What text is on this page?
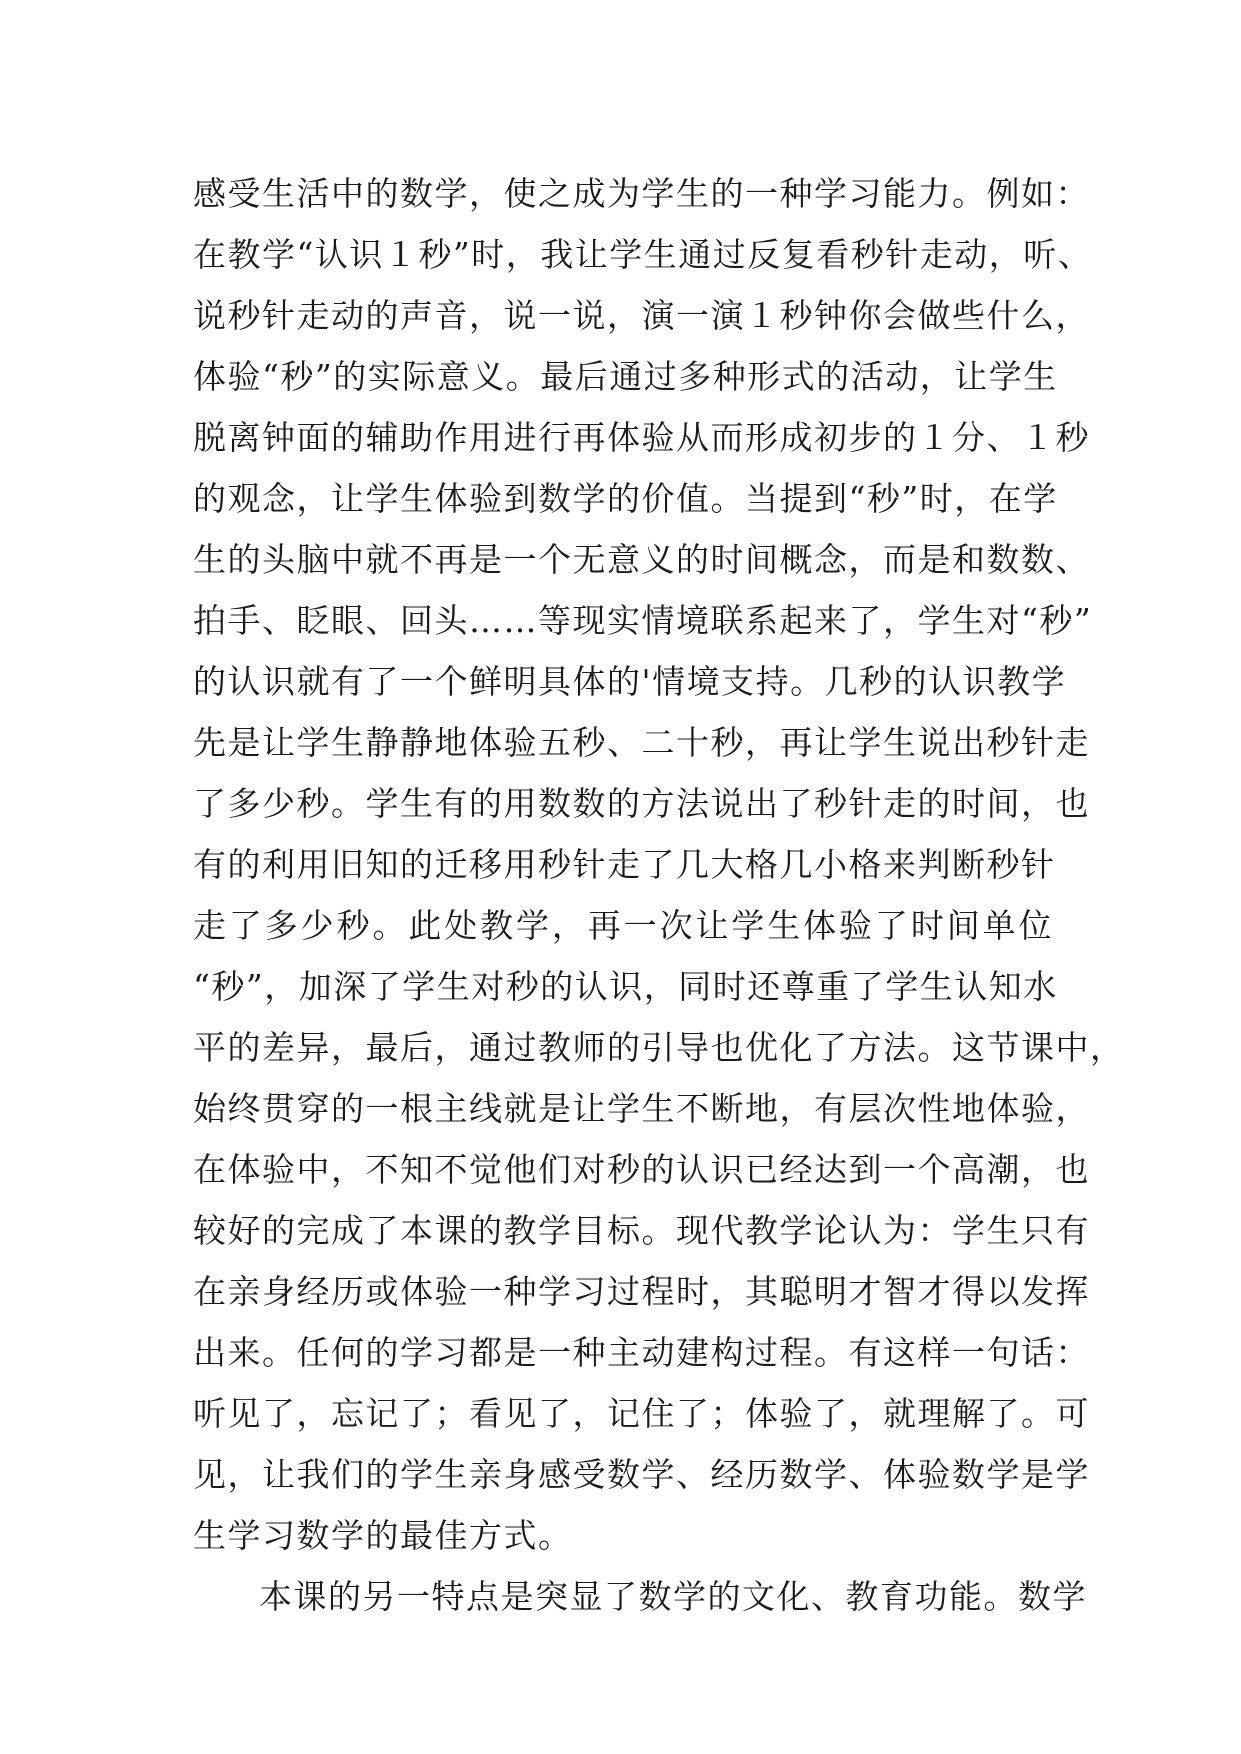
感受生活中的数学，使之成为学生的一种学习能力。例如：
在教学“认识１秒”时，我让学生通过反复看秒针走动，听、
说秒针走动的声音，说一说，演一演１秒钟你会做些什么，
体验“秒”的实际意义。最后通过多种形式的活动，让学生
脱离钟面的辅助作用进行再体验从而形成初步的１分、１秒
的观念，让学生体验到数学的价值。当提到“秒”时，在学
生的头脑中就不再是一个无意义的时间概念，而是和数数、
拍手、眨眼、回头……等现实情境联系起来了，学生对“秒”
的认识就有了一个鲜明具体的'情境支持。几秒的认识教学
先是让学生静静地体验五秒、二十秒，再让学生说出秒针走
了多少秒。学生有的用数数的方法说出了秒针走的时间，也
有的利用旧知的迁移用秒针走了几大格几小格来判断秒针
走了多少秒。此处教学，再一次让学生体验了时间单位
“秒”，加深了学生对秒的认识，同时还尊重了学生认知水
平的差异，最后，通过教师的引导也优化了方法。这节课中，
始终贯穿的一根主线就是让学生不断地，有层次性地体验，
在体验中，不知不觉他们对秒的认识已经达到一个高潮，也
较好的完成了本课的教学目标。现代教学论认为：学生只有
在亲身经历或体验一种学习过程时，其聪明才智才得以发挥
出来。任何的学习都是一种主动建构过程。有这样一句话：
听见了，忘记了；看见了，记住了；体验了，就理解了。可
见，让我们的学生亲身感受数学、经历数学、体验数学是学
生学习数学的最佳方式。
本课的另一特点是突显了数学的文化、教育功能。数学
